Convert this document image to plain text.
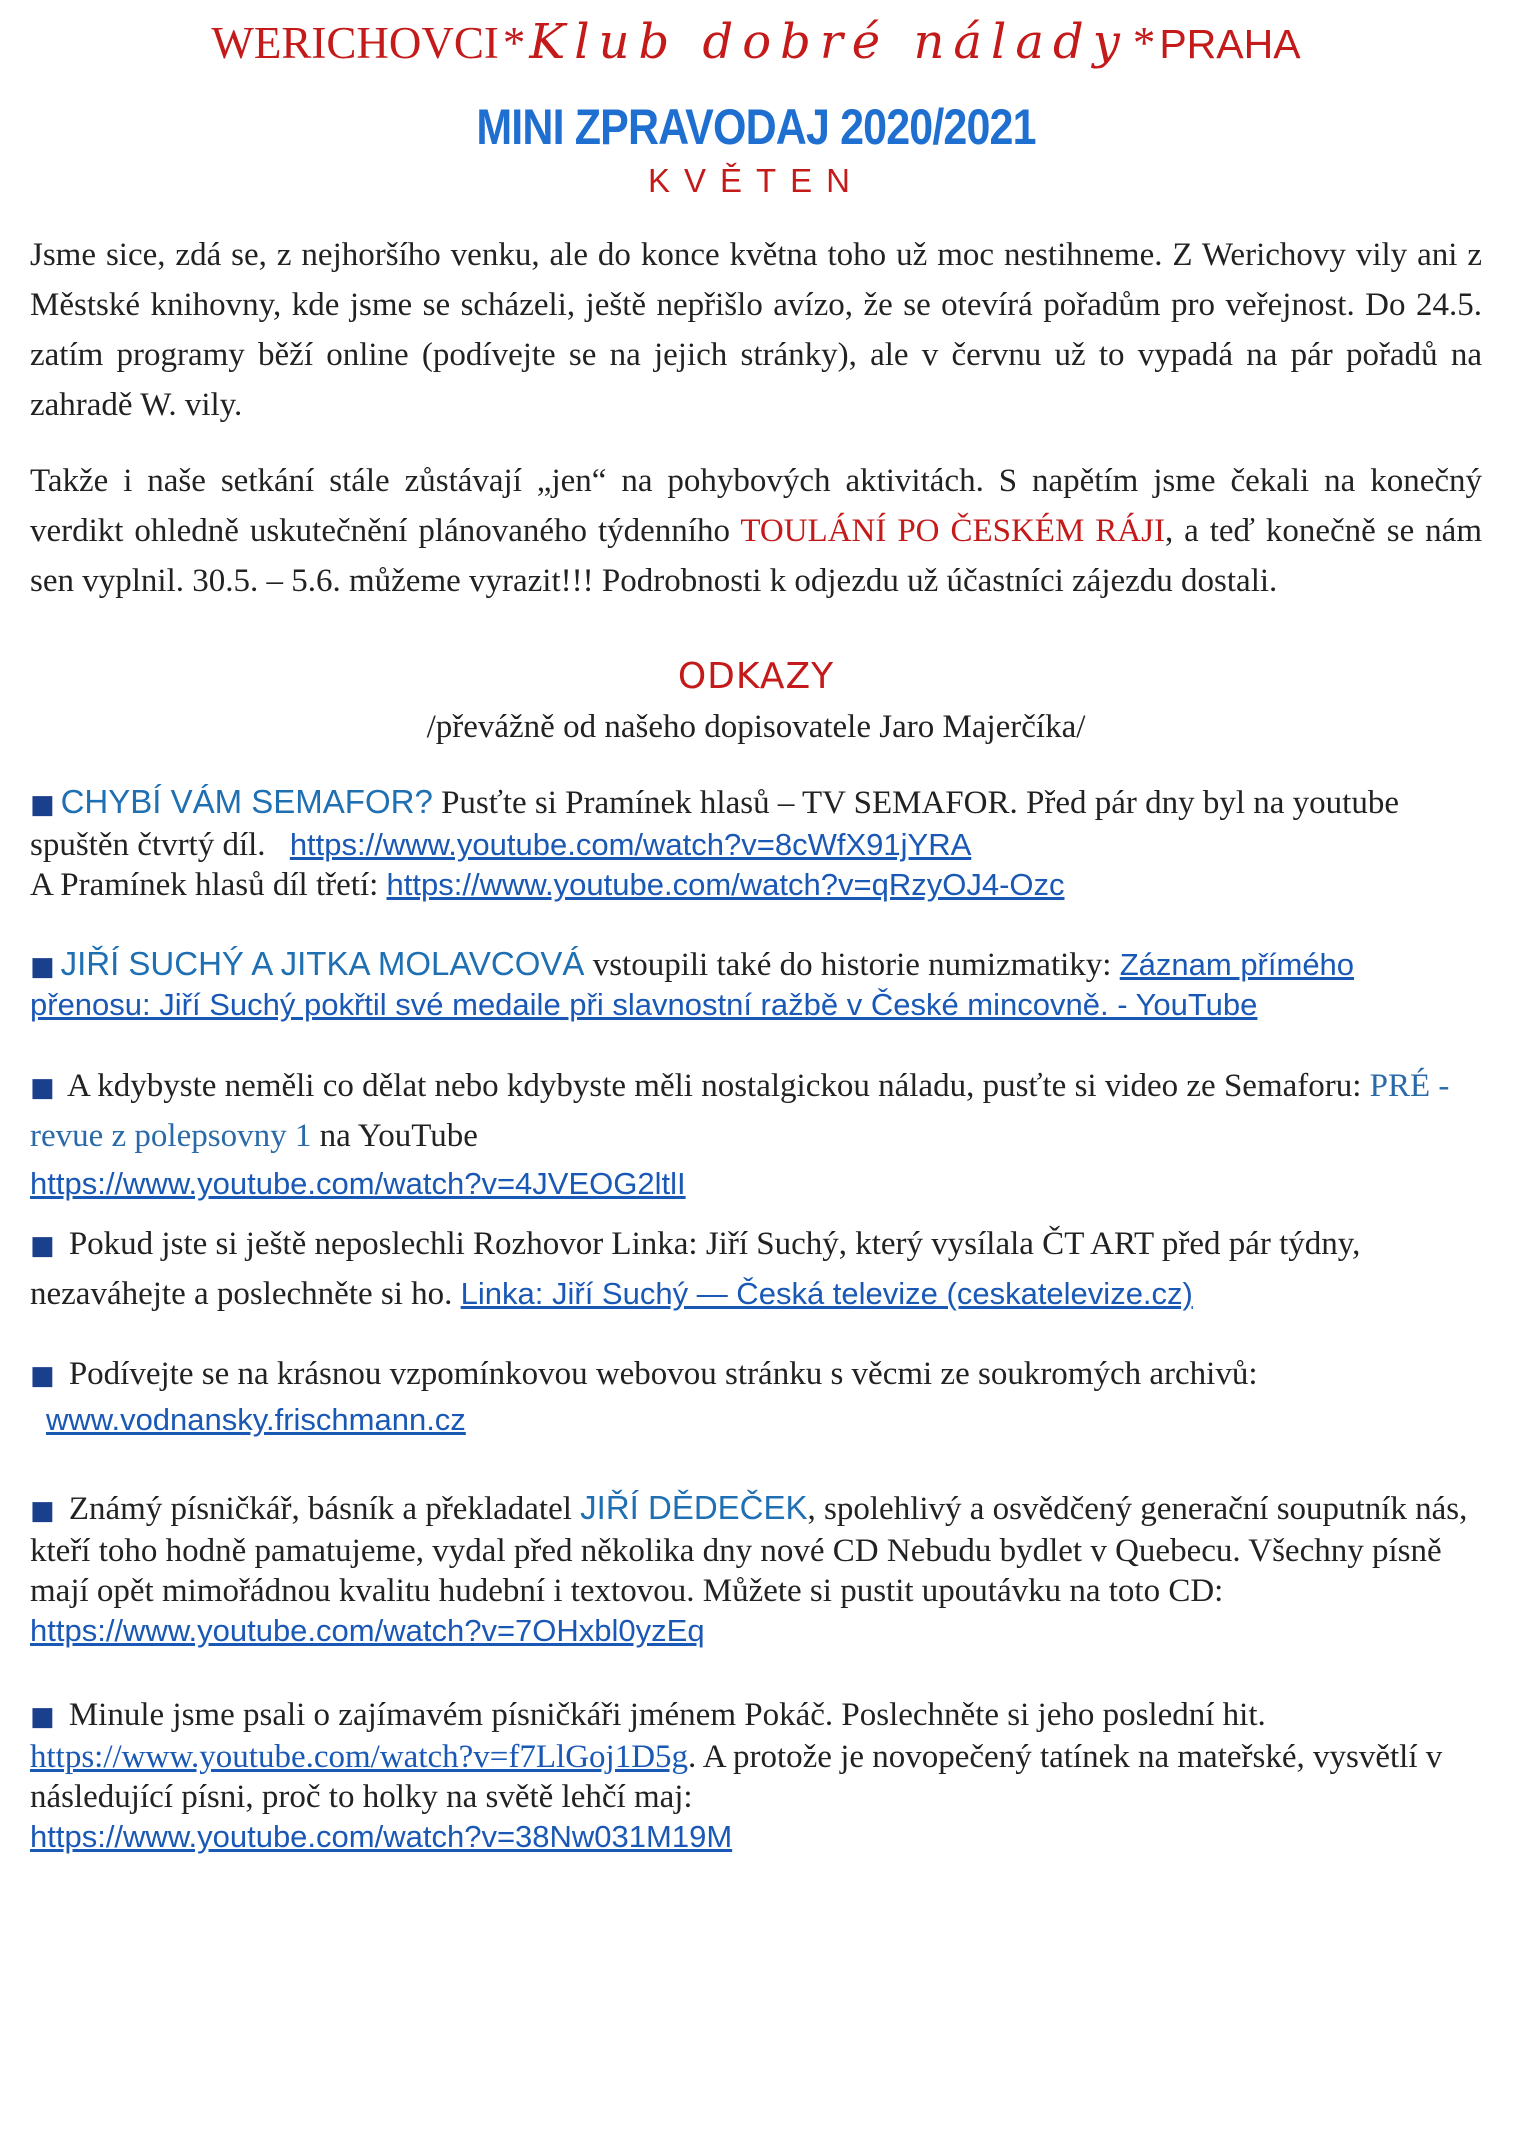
WERICHOVCI * Klub dobré nálady * PRAHA
MINI ZPRAVODAJ 2020/2021
KVĚTEN
Jsme sice, zdá se, z nejhoršího venku, ale do konce května toho už moc nestihneme. Z Werichovy vily ani z Městské knihovny, kde jsme se scházeli, ještě nepřišlo avízo, že se otevírá pořadům pro veřejnost. Do 24.5. zatím programy běží online (podívejte se na jejich stránky), ale v červnu už to vypadá na pár pořadů na zahradě W. vily.
Takže i naše setkání stále zůstávají „jen“ na pohybových aktivitách. S napětím jsme čekali na konečný verdikt ohledně uskutečnění plánovaného týdenního TOULÁNÍ PO ČESKÉM RÁJI, a teď konečně se nám sen vyplnil. 30.5. – 5.6. můžeme vyrazit!!! Podrobnosti k odjezdu už účastníci zájezdu dostali.
ODKAZY
/převážně od našeho dopisovatele Jaro Majerčíka/
■ CHYBÍ VÁM SEMAFOR? Pusťte si Pramínek hlasů – TV SEMAFOR. Před pár dny byl na youtube spuštěn čtvrtý díl. https://www.youtube.com/watch?v=8cWfX91jYRA
A Pramínek hlasů díl třetí: https://www.youtube.com/watch?v=qRzyOJ4-Ozc
■ JIŘÍ SUCHÝ A JITKA MOLAVCOVÁ vstoupili také do historie numizmatiky: Záznam přímého přenosu: Jiří Suchý pokřtil své medaile při slavnostní ražbě v České mincovně. - YouTube
■ A kdybyste neměli co dělat nebo kdybyste měli nostalgickou náladu, pusťte si video ze Semaforu: PRÉ - revue z polepsovny 1 na YouTube
https://www.youtube.com/watch?v=4JVEOG2ltlI
■ Pokud jste si ještě neposlechli Rozhovor Linka: Jiří Suchý, který vysílala ČT ART před pár týdny, nezaváhejte a poslechněte si ho. Linka: Jiří Suchý — Česká televize (ceskatelevize.cz)
■ Podívejte se na krásnou vzpomínkovou webovou stránku s věcmi ze soukromých archivů: www.vodnansky.frischmann.cz
■ Známý písničkář, básník a překladatel JIŘÍ DĚDEČEK, spolehlivý a osvědčený generační souputník nás, kteří toho hodně pamatujeme, vydal před několika dny nové CD Nebudu bydlet v Quebecu. Všechny písně mají opět mimořádnou kvalitu hudební i textovou. Můžete si pustit upoutávku na toto CD:
https://www.youtube.com/watch?v=7OHxbl0yzEq
■ Minule jsme psali o zajímavém písničkáři jménem Pokáč. Poslechněte si jeho poslední hit. https://www.youtube.com/watch?v=f7LlGoj1D5g. A protože je novopečený tatínek na mateřské, vysvětlí v následující písni, proč to holky na světě lehčí maj:
https://www.youtube.com/watch?v=38Nw031M19M
